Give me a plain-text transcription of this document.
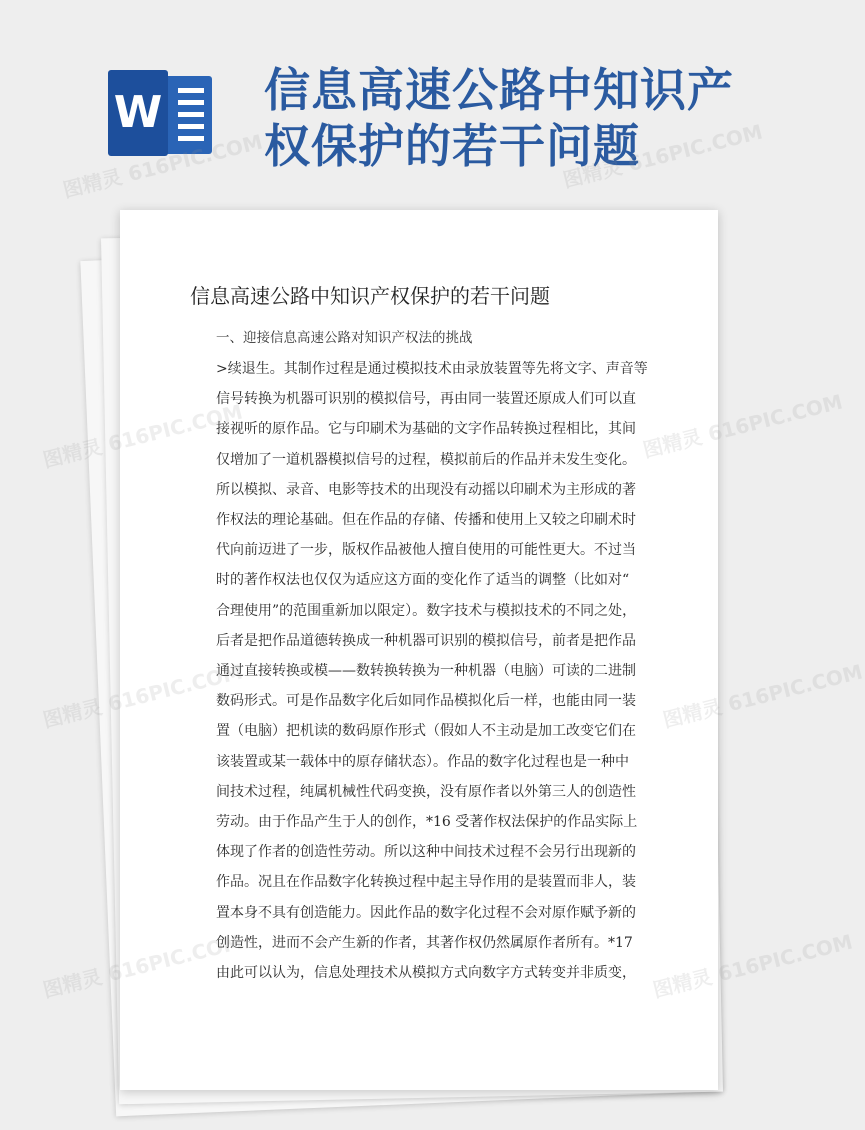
W 信息高速公路中知识产
权保护的若干问题
信息高速公路中知识产权保护的若干问题
一、迎接信息高速公路对知识产权法的挑战
>续退生。其制作过程是通过模拟技术由录放装置等先将文字、声音等
信号转换为机器可识别的模拟信号，再由同一装置还原成人们可以直
接视听的原作品。它与印刷术为基础的文字作品转换过程相比，其间
仅增加了一道机器模拟信号的过程，模拟前后的作品并未发生变化。
所以模拟、录音、电影等技术的出现没有动摇以印刷术为主形成的著
作权法的理论基础。但在作品的存储、传播和使用上又较之印刷术时
代向前迈进了一步，版权作品被他人擅自使用的可能性更大。不过当
时的著作权法也仅仅为适应这方面的变化作了适当的调整（比如对“
合理使用”的范围重新加以限定）。数字技术与模拟技术的不同之处，
后者是把作品道德转换成一种机器可识别的模拟信号，前者是把作品
通过直接转换或模——数转换转换为一种机器（电脑）可读的二进制
数码形式。可是作品数字化后如同作品模拟化后一样，也能由同一装
置（电脑）把机读的数码原作形式（假如人不主动是加工改变它们在
该装置或某一载体中的原存储状态）。作品的数字化过程也是一种中
间技术过程，纯属机械性代码变换，没有原作者以外第三人的创造性
劳动。由于作品产生于人的创作，*16 受著作权法保护的作品实际上
体现了作者的创造性劳动。所以这种中间技术过程不会另行出现新的
作品。况且在作品数字化转换过程中起主导作用的是装置而非人，装
置本身不具有创造能力。因此作品的数字化过程不会对原作赋予新的
创造性，进而不会产生新的作者，其著作权仍然属原作者所有。*17
由此可以认为，信息处理技术从模拟方式向数字方式转变并非质变，
图精灵 616PIC.COM	图精灵 616PIC.COM
图精灵	图精灵 616PIC.COM
图精灵	图精灵 616PIC.COM
图精灵	图精灵 616PIC.COM
